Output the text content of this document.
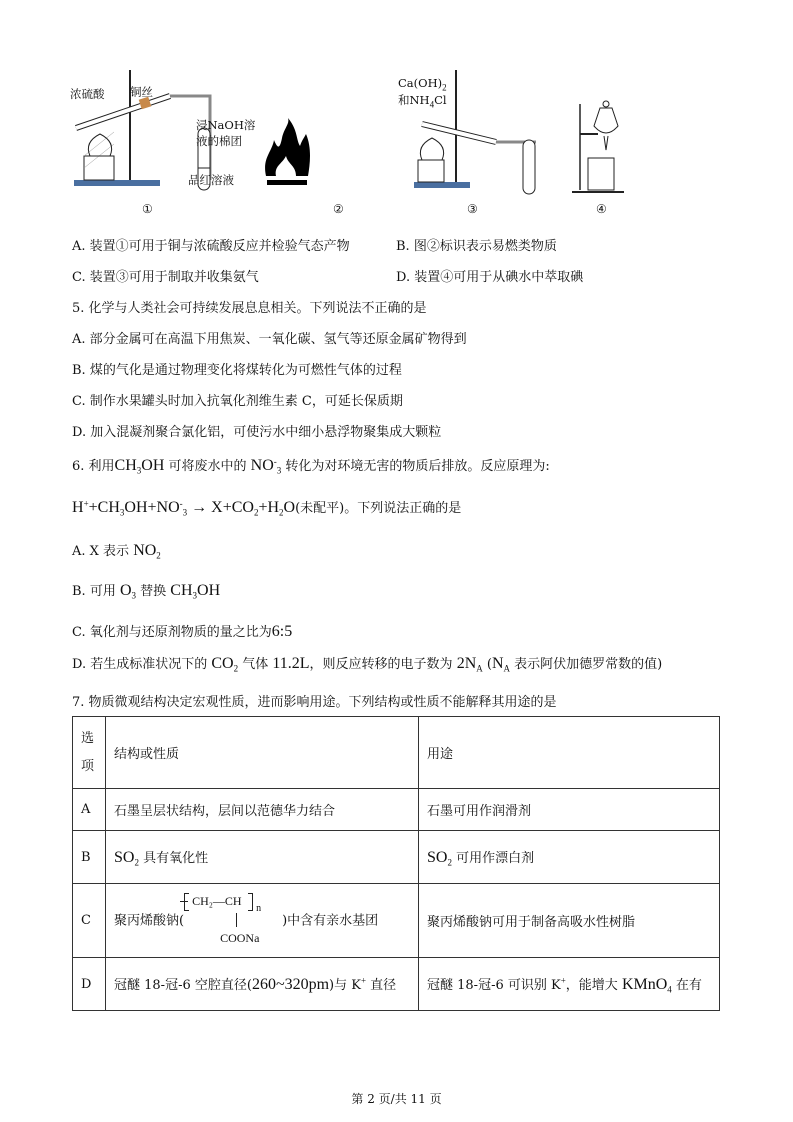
浓硫酸 铜丝
浸NaOH溶
液的棉团
品红溶液
①	②
$Ca(OH)_2$
和$NH_4Cl$
③	④
A. 装置①可用于铜与浓硫酸反应并检验气态产物	B. 图②标识表示易燃类物质
C. 装置③可用于制取并收集氨气	D. 装置④可用于从碘水中萃取碘
5. 化学与人类社会可持续发展息息相关。下列说法不正确的是
A. 部分金属可在高温下用焦炭、一氧化碳、氢气等还原金属矿物得到
B. 煤的气化是通过物理变化将煤转化为可燃性气体的过程
C. 制作水果罐头时加入抗氧化剂维生素 C，可延长保质期
D. 加入混凝剂聚合氯化铝，可使污水中细小悬浮物聚集成大颗粒
6. 利用$CH_3OH$ 可将废水中的 $NO^-_3$ 转化为对环境无害的物质后排放。反应原理为:
$H^++CH_3OH+NO^-_3 \to X+CO_2+H_2O$(未配平)。下列说法正确的是
A. X 表示 $NO_2$
B. 可用 $O_3$ 替换 $CH_3OH$
C. 氧化剂与还原剂物质的量之比为6:5
D. 若生成标准状况下的 $CO_2$ 气体 11.2L，则反应转移的电子数为 $2N_A$ ($N_A$ 表示阿伏加德罗常数的值)
7. 物质微观结构决定宏观性质，进而影响用途。下列结构或性质不能解释其用途的是
选
项	结构或性质	用途
A	石墨呈层状结构，层间以范德华力结合	石墨可用作润滑剂
B	$SO_2$ 具有氧化性	$SO_2$ 可用作漂白剂
C	聚丙烯酸钠(
CH₂—CH
n
COONa
)中含有亲水基团	聚丙烯酸钠可用于制备高吸水性树脂
D	冠醚 18-冠-6 空腔直径(260~320pm)与 K+ 直径	冠醚 18-冠-6 可识别 K+，能增大 KMnO$_4$ 在有
第 2 页/共 11 页
